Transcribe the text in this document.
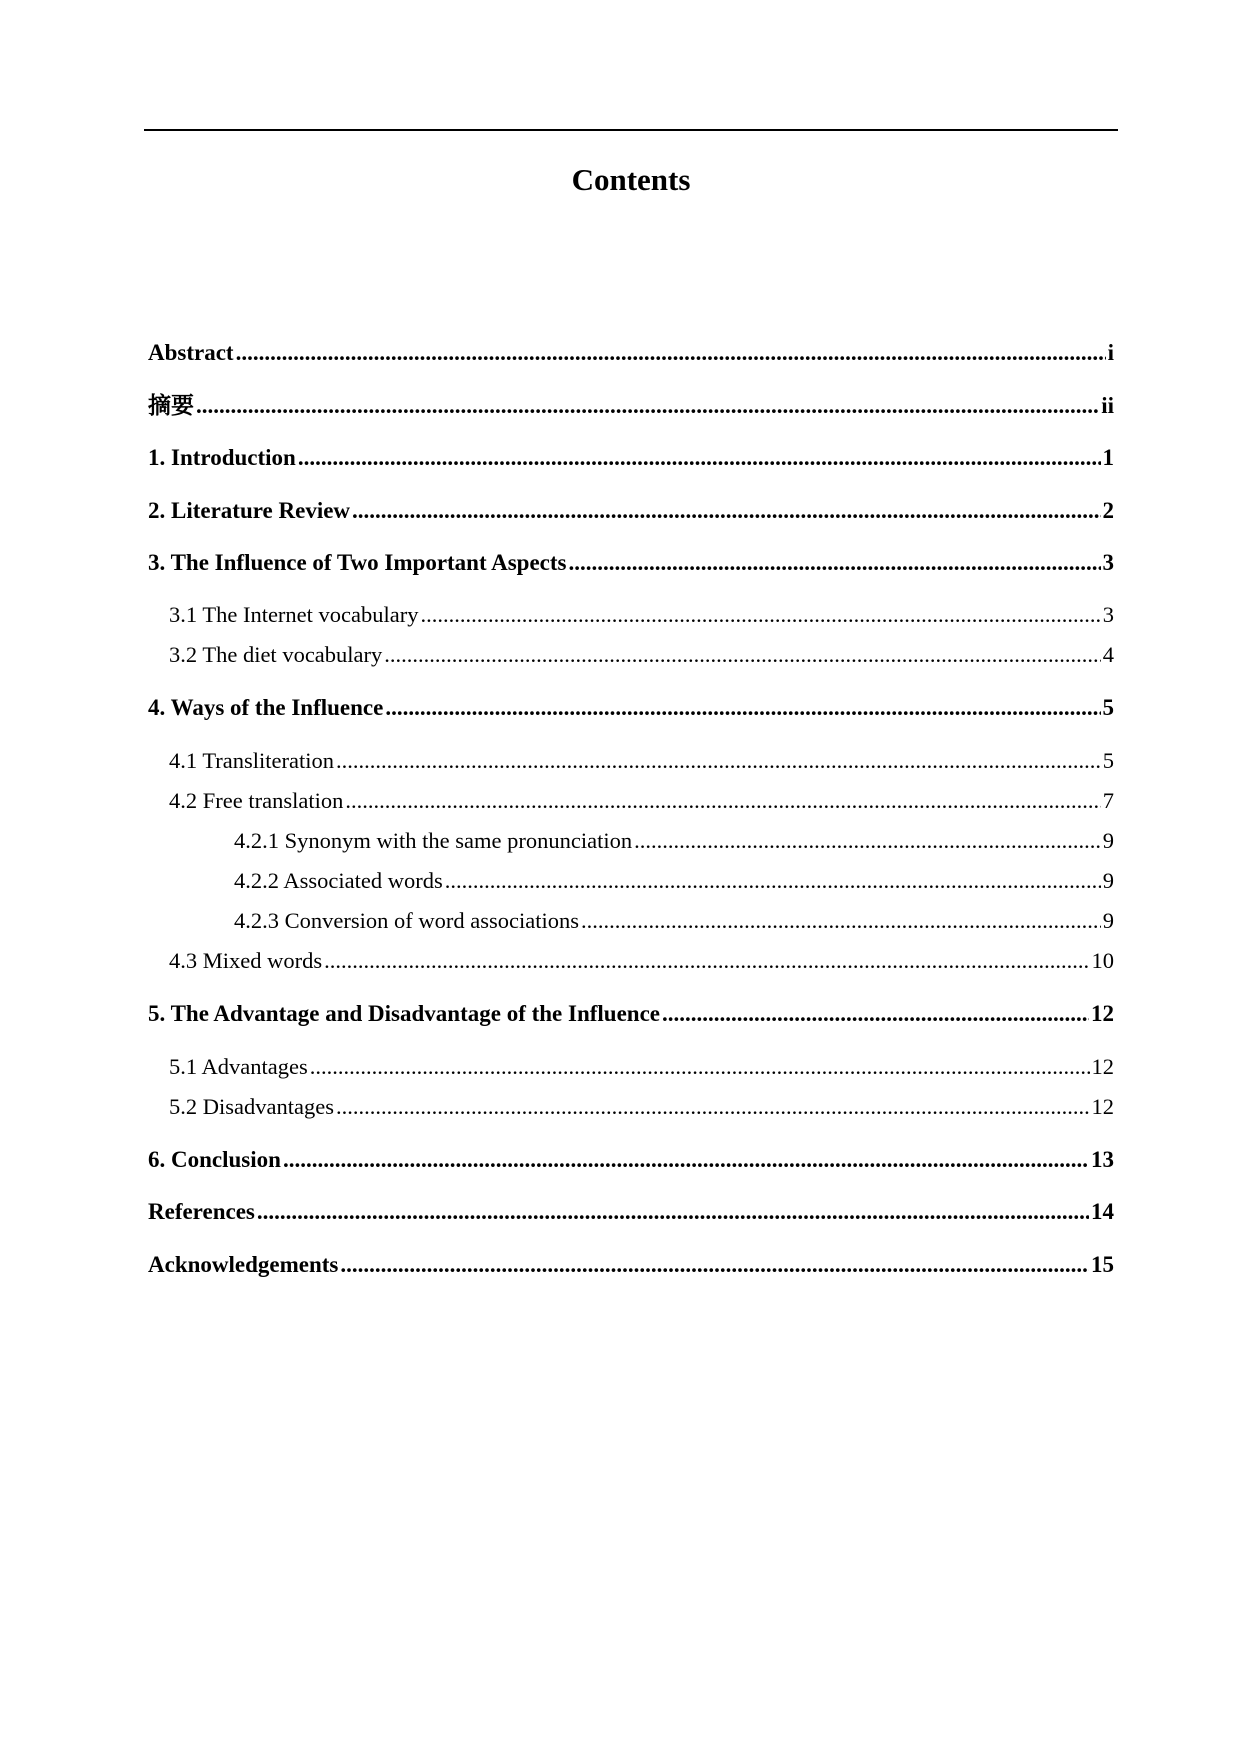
Contents
Abstract .....	i
摘要 .....	ii
1. Introduction .....	1
2. Literature Review .....	2
3. The Influence of Two Important Aspects .....	3
3.1 The Internet vocabulary .....	3
3.2 The diet vocabulary .....	4
4. Ways of the Influence .....	5
4.1 Transliteration .....	5
4.2 Free translation .....	7
4.2.1 Synonym with the same pronunciation .....	9
4.2.2 Associated words .....	9
4.2.3 Conversion of word associations .....	9
4.3 Mixed words .....	10
5. The Advantage and Disadvantage of the Influence .....	12
5.1 Advantages .....	12
5.2 Disadvantages .....	12
6. Conclusion .....	13
References .....	14
Acknowledgements .....	15
